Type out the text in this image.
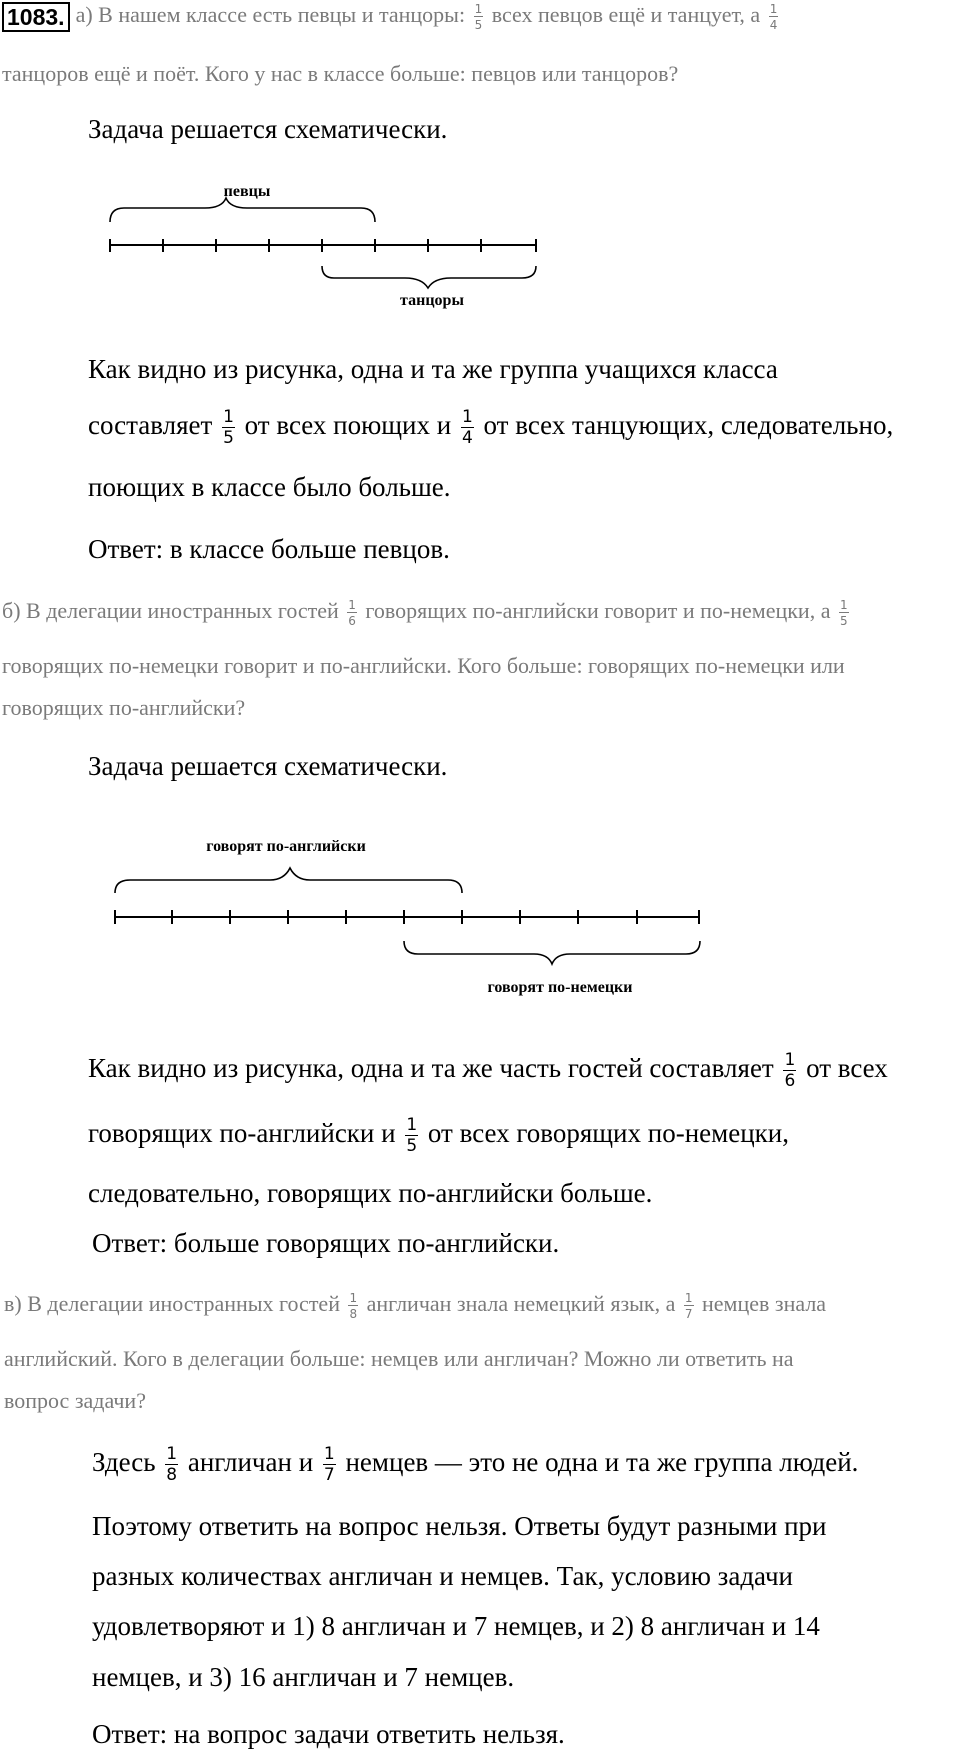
1083. а) В нашем классе есть певцы и танцоры: $\frac{1}{5}$ всех певцов ещё и танцует, а $\frac{1}{4}$
танцоров ещё и поёт. Кого у нас в классе больше: певцов или танцоров?
Задача решается схематически.
певцы
танцоры
говорят по-английски
говорят по-немецки
Как видно из рисунка, одна и та же группа учащихся класса
составляет $\frac{1}{5}$ от всех поющих и $\frac{1}{4}$ от всех танцующих, следовательно,
поющих в классе было больше.
Ответ: в классе больше певцов.
б) В делегации иностранных гостей $\frac{1}{6}$ говорящих по-английски говорит и по-немецки, а $\frac{1}{5}$
говорящих по-немецки говорит и по-английски. Кого больше: говорящих по-немецки или
говорящих по-английски?
Задача решается схематически.
Как видно из рисунка, одна и та же часть гостей составляет $\frac{1}{6}$ от всех
говорящих по-английски и $\frac{1}{5}$ от всех говорящих по-немецки,
следовательно, говорящих по-английски больше.
Ответ: больше говорящих по-английски.
в) В делегации иностранных гостей $\frac{1}{8}$ англичан знала немецкий язык, а $\frac{1}{7}$ немцев знала
английский. Кого в делегации больше: немцев или англичан? Можно ли ответить на
вопрос задачи?
Здесь $\frac{1}{8}$ англичан и $\frac{1}{7}$ немцев — это не одна и та же группа людей.
Поэтому ответить на вопрос нельзя. Ответы будут разными при
разных количествах англичан и немцев. Так, условию задачи
удовлетворяют и 1) 8 англичан и 7 немцев, и 2) 8 англичан и 14
немцев, и 3) 16 англичан и 7 немцев.
Ответ: на вопрос задачи ответить нельзя.
